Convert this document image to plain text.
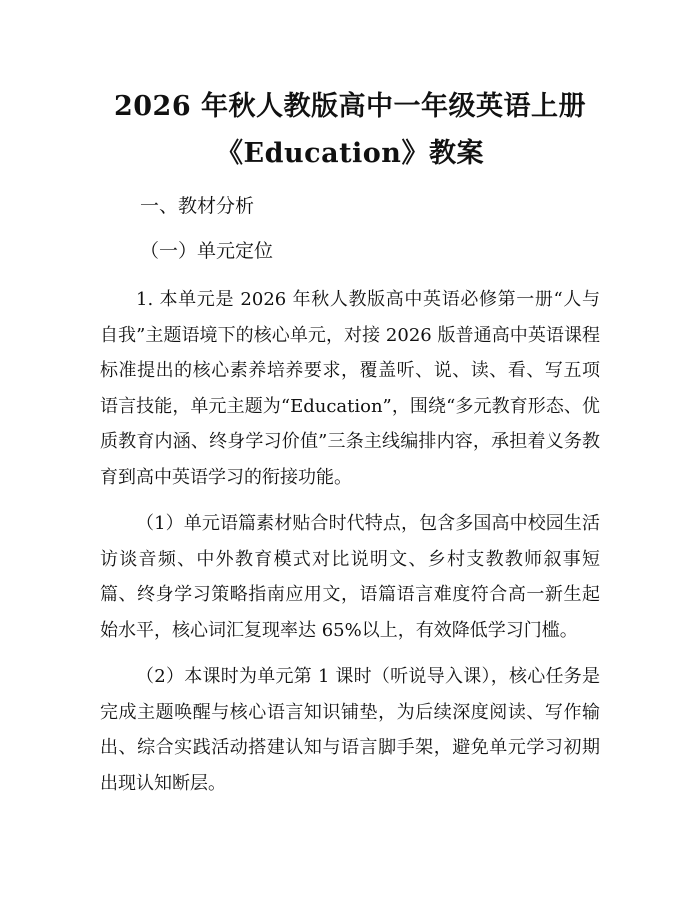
2026 年秋人教版高中一年级英语上册
《Education》教案
一、教材分析
（一）单元定位

1. 本单元是 2026 年秋人教版高中英语必修第一册“人与自我”主题语境下的核心单元，对接 2026 版普通高中英语课程标准提出的核心素养培养要求，覆盖听、说、读、看、写五项语言技能，单元主题为“Education”，围绕“多元教育形态、优质教育内涵、终身学习价值”三条主线编排内容，承担着义务教育到高中英语学习的衔接功能。

（1）单元语篇素材贴合时代特点，包含多国高中校园生活访谈音频、中外教育模式对比说明文、乡村支教教师叙事短篇、终身学习策略指南应用文，语篇语言难度符合高一新生起始水平，核心词汇复现率达 65%以上，有效降低学习门槛。

（2）本课时为单元第 1 课时（听说导入课），核心任务是完成主题唤醒与核心语言知识铺垫，为后续深度阅读、写作输出、综合实践活动搭建认知与语言脚手架，避免单元学习初期出现认知断层。
